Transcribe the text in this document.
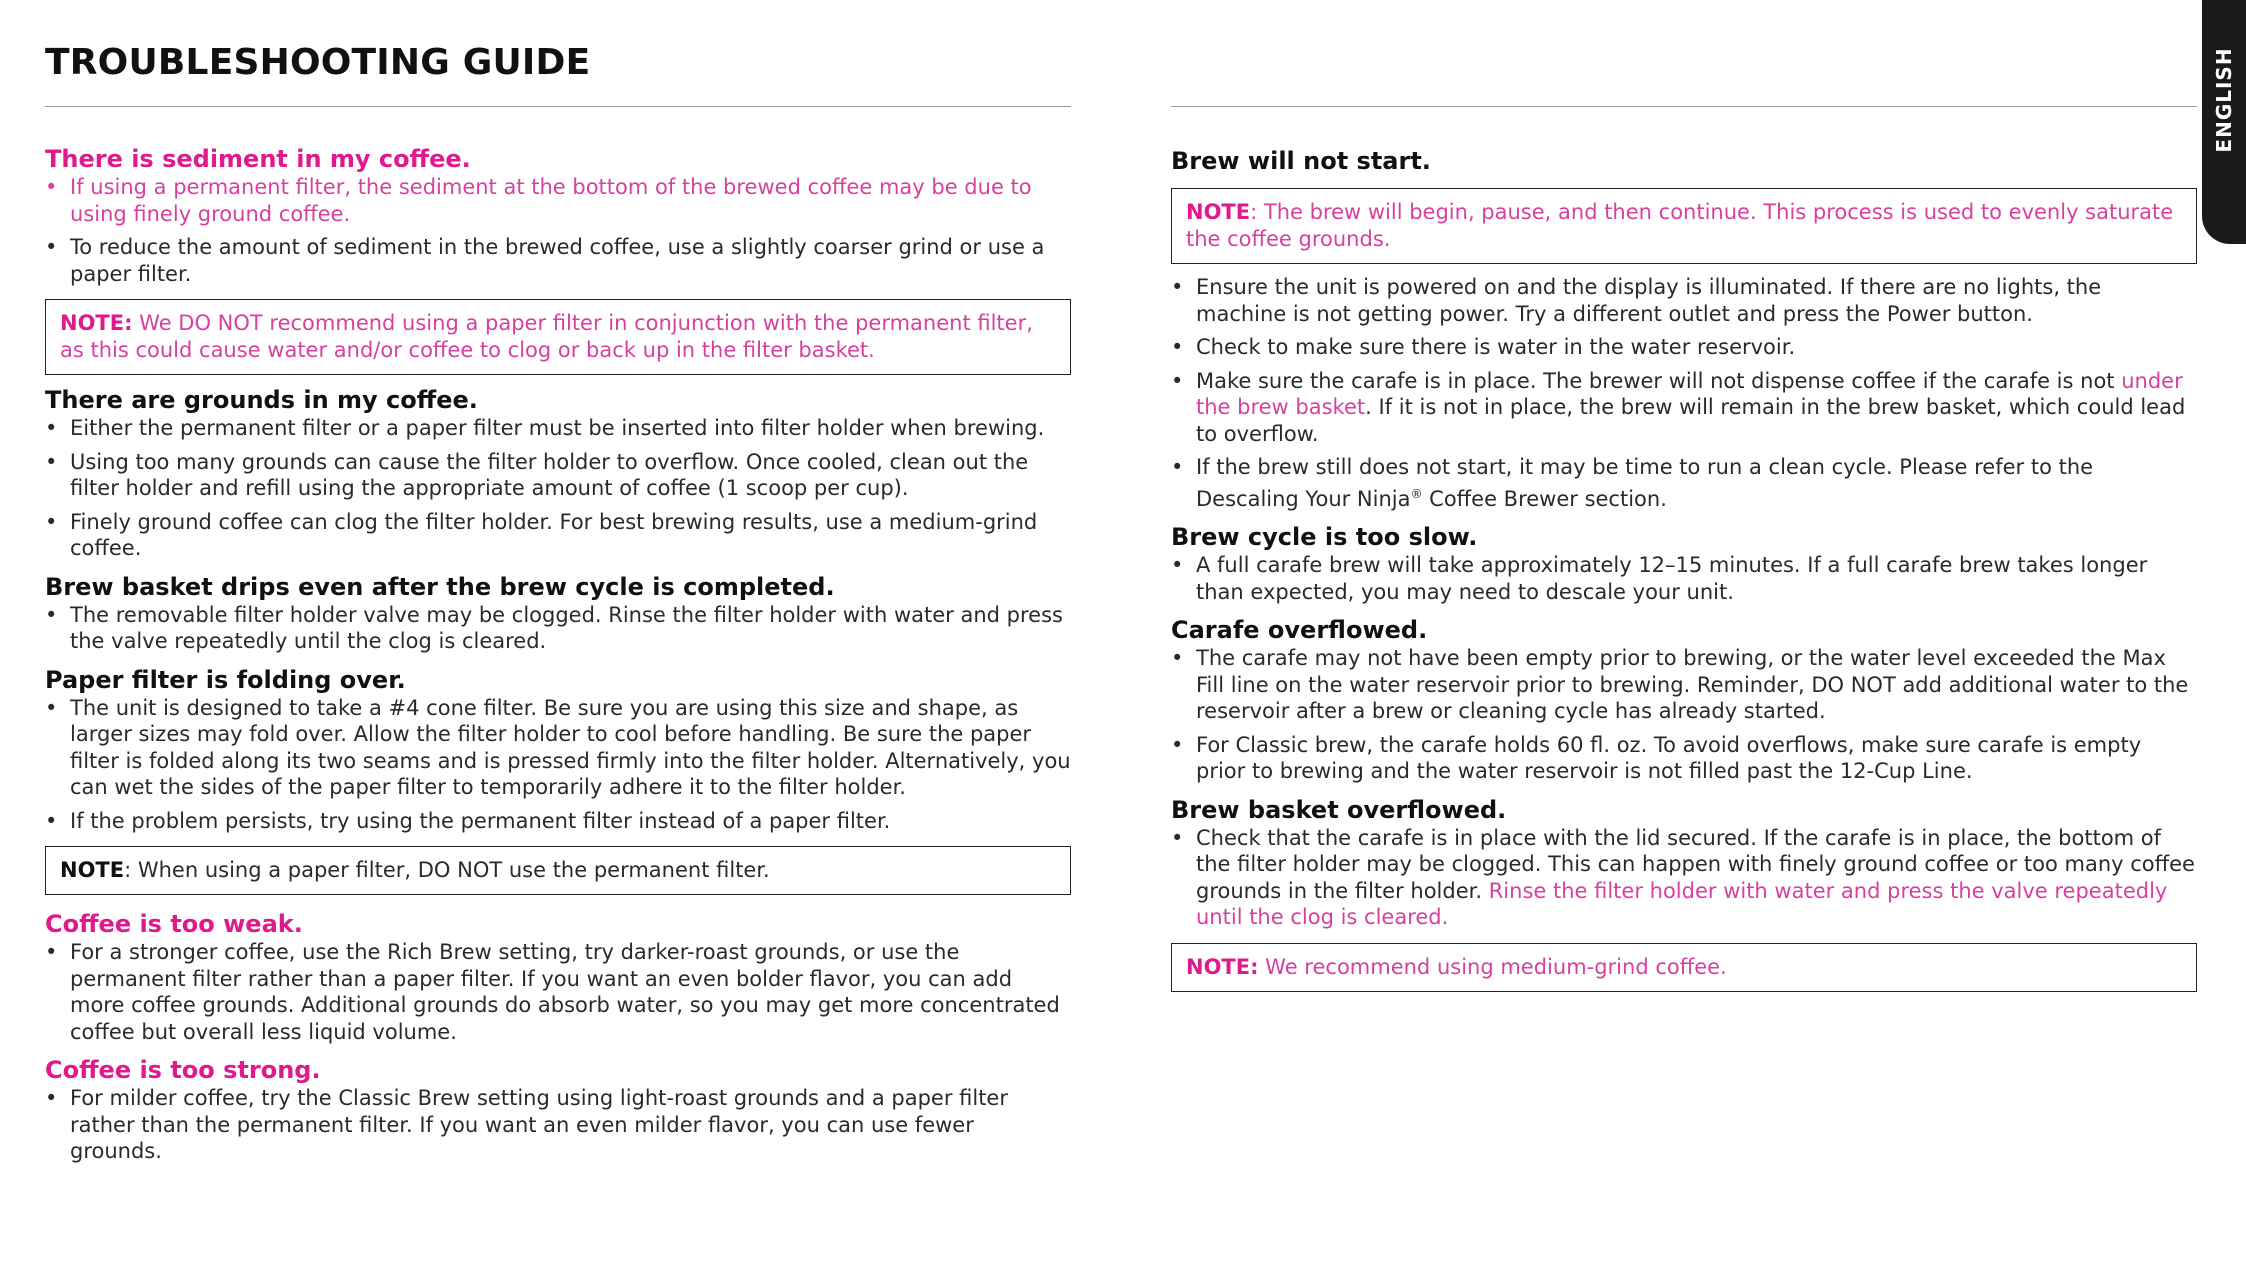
TROUBLESHOOTING GUIDE	ENGLISH
There is sediment in my coffee.
• If using a permanent filter, the sediment at the bottom of the brewed coffee may be due to using finely ground coffee.
• To reduce the amount of sediment in the brewed coffee, use a slightly coarser grind or use a paper filter.
NOTE: We DO NOT recommend using a paper filter in conjunction with the permanent filter, as this could cause water and/or coffee to clog or back up in the filter basket.
There are grounds in my coffee.
• Either the permanent filter or a paper filter must be inserted into filter holder when brewing.
• Using too many grounds can cause the filter holder to overflow. Once cooled, clean out the filter holder and refill using the appropriate amount of coffee (1 scoop per cup).
• Finely ground coffee can clog the filter holder. For best brewing results, use a medium-grind coffee.
Brew basket drips even after the brew cycle is completed.
• The removable filter holder valve may be clogged. Rinse the filter holder with water and press the valve repeatedly until the clog is cleared.
Paper filter is folding over.
• The unit is designed to take a #4 cone filter. Be sure you are using this size and shape, as larger sizes may fold over. Allow the filter holder to cool before handling. Be sure the paper filter is folded along its two seams and is pressed firmly into the filter holder. Alternatively, you can wet the sides of the paper filter to temporarily adhere it to the filter holder.
• If the problem persists, try using the permanent filter instead of a paper filter.
NOTE: When using a paper filter, DO NOT use the permanent filter.
Coffee is too weak.
• For a stronger coffee, use the Rich Brew setting, try darker-roast grounds, or use the permanent filter rather than a paper filter. If you want an even bolder flavor, you can add more coffee grounds. Additional grounds do absorb water, so you may get more concentrated coffee but overall less liquid volume.
Coffee is too strong.
• For milder coffee, try the Classic Brew setting using light-roast grounds and a paper filter rather than the permanent filter. If you want an even milder flavor, you can use fewer grounds.
Brew will not start.
NOTE: The brew will begin, pause, and then continue. This process is used to evenly saturate the coffee grounds.
• Ensure the unit is powered on and the display is illuminated. If there are no lights, the machine is not getting power. Try a different outlet and press the Power button.
• Check to make sure there is water in the water reservoir.
• Make sure the carafe is in place. The brewer will not dispense coffee if the carafe is not under the brew basket. If it is not in place, the brew will remain in the brew basket, which could lead to overflow.
• If the brew still does not start, it may be time to run a clean cycle. Please refer to the Descaling Your Ninja® Coffee Brewer section.
Brew cycle is too slow.
• A full carafe brew will take approximately 12–15 minutes. If a full carafe brew takes longer than expected, you may need to descale your unit.
Carafe overflowed.
• The carafe may not have been empty prior to brewing, or the water level exceeded the Max Fill line on the water reservoir prior to brewing. Reminder, DO NOT add additional water to the reservoir after a brew or cleaning cycle has already started.
• For Classic brew, the carafe holds 60 fl. oz. To avoid overflows, make sure carafe is empty prior to brewing and the water reservoir is not filled past the 12-Cup Line.
Brew basket overflowed.
• Check that the carafe is in place with the lid secured. If the carafe is in place, the bottom of the filter holder may be clogged. This can happen with finely ground coffee or too many coffee grounds in the filter holder. Rinse the filter holder with water and press the valve repeatedly until the clog is cleared.
NOTE: We recommend using medium-grind coffee.
